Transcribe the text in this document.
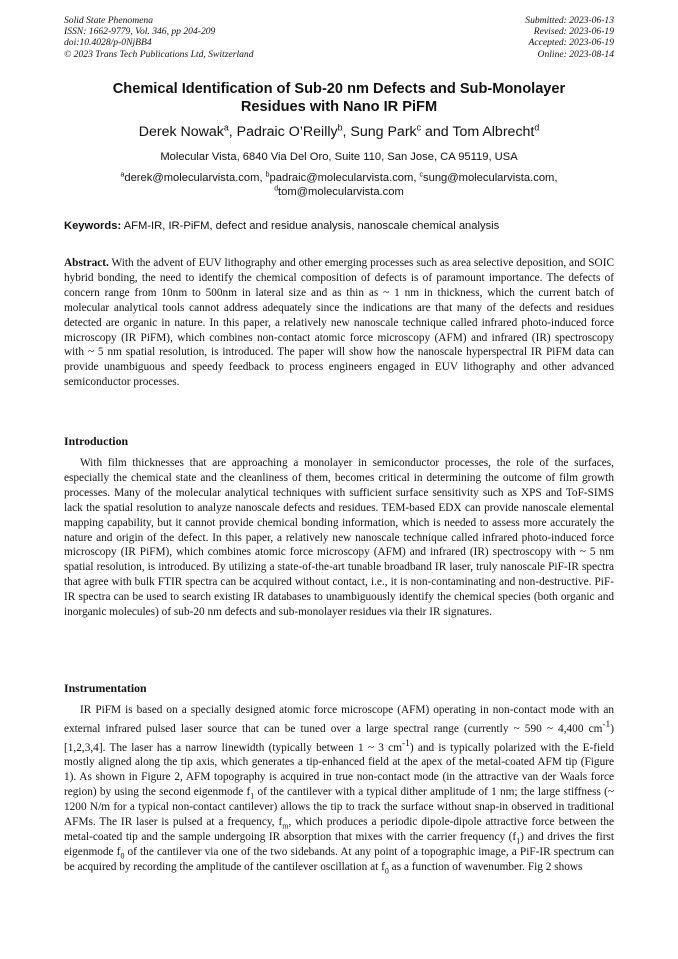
Solid State Phenomena
ISSN: 1662-9779, Vol. 346, pp 204-209
doi:10.4028/p-0NjBB4
© 2023 Trans Tech Publications Ltd, Switzerland
Submitted: 2023-06-13
Revised: 2023-06-19
Accepted: 2023-06-19
Online: 2023-08-14
Chemical Identification of Sub-20 nm Defects and Sub-Monolayer
Residues with Nano IR PiFM
Derek Nowak$^a$, Padraic O’Reilly$^b$, Sung Park$^c$ and Tom Albrecht$^d$
Molecular Vista, 6840 Via Del Oro, Suite 110, San Jose, CA 95119, USA
$^a$derek@molecularvista.com, $^b$padraic@molecularvista.com, $^c$sung@molecularvista.com,
$^d$tom@molecularvista.com
Keywords: AFM-IR, IR-PiFM, defect and residue analysis, nanoscale chemical analysis
Abstract. With the advent of EUV lithography and other emerging processes such as area selective deposition, and SOIC hybrid bonding, the need to identify the chemical composition of defects is of paramount importance. The defects of concern range from 10nm to 500nm in lateral size and as thin as ~ 1 nm in thickness, which the current batch of molecular analytical tools cannot address adequately since the indications are that many of the defects and residues detected are organic in nature. In this paper, a relatively new nanoscale technique called infrared photo-induced force microscopy (IR PiFM), which combines non-contact atomic force microscopy (AFM) and infrared (IR) spectroscopy with ~ 5 nm spatial resolution, is introduced. The paper will show how the nanoscale hyperspectral IR PiFM data can provide unambiguous and speedy feedback to process engineers engaged in EUV lithography and other advanced semiconductor processes.
Introduction
With film thicknesses that are approaching a monolayer in semiconductor processes, the role of the surfaces, especially the chemical state and the cleanliness of them, becomes critical in determining the outcome of film growth processes. Many of the molecular analytical techniques with sufficient surface sensitivity such as XPS and ToF-SIMS lack the spatial resolution to analyze nanoscale defects and residues. TEM-based EDX can provide nanoscale elemental mapping capability, but it cannot provide chemical bonding information, which is needed to assess more accurately the nature and origin of the defect. In this paper, a relatively new nanoscale technique called infrared photo-induced force microscopy (IR PiFM), which combines atomic force microscopy (AFM) and infrared (IR) spectroscopy with ~ 5 nm spatial resolution, is introduced. By utilizing a state-of-the-art tunable broadband IR laser, truly nanoscale PiF-IR spectra that agree with bulk FTIR spectra can be acquired without contact, i.e., it is non-contaminating and non-destructive. PiF-IR spectra can be used to search existing IR databases to unambiguously identify the chemical species (both organic and inorganic molecules) of sub-20 nm defects and sub-monolayer residues via their IR signatures.
Instrumentation
IR PiFM is based on a specially designed atomic force microscope (AFM) operating in non-contact mode with an external infrared pulsed laser source that can be tuned over a large spectral range (currently ~ 590 ~ 4,400 $cm^{-1}$) [1,2,3,4]. The laser has a narrow linewidth (typically between 1 ~ 3 $cm^{-1}$) and is typically polarized with the E-field mostly aligned along the tip axis, which generates a tip-enhanced field at the apex of the metal-coated AFM tip (Figure 1). As shown in Figure 2, AFM topography is acquired in true non-contact mode (in the attractive van der Waals force region) by using the second eigenmode $f_1$ of the cantilever with a typical dither amplitude of 1 nm; the large stiffness (~ 1200 N/m for a typical non-contact cantilever) allows the tip to track the surface without snap-in observed in traditional AFMs. The IR laser is pulsed at a frequency, $f_m$, which produces a periodic dipole-dipole attractive force between the metal-coated tip and the sample undergoing IR absorption that mixes with the carrier frequency $(f_1)$ and drives the first eigenmode $f_0$ of the cantilever via one of the two sidebands. At any point of a topographic image, a PiF-IR spectrum can be acquired by recording the amplitude of the cantilever oscillation at $f_0$ as a function of wavenumber. Fig 2 shows
